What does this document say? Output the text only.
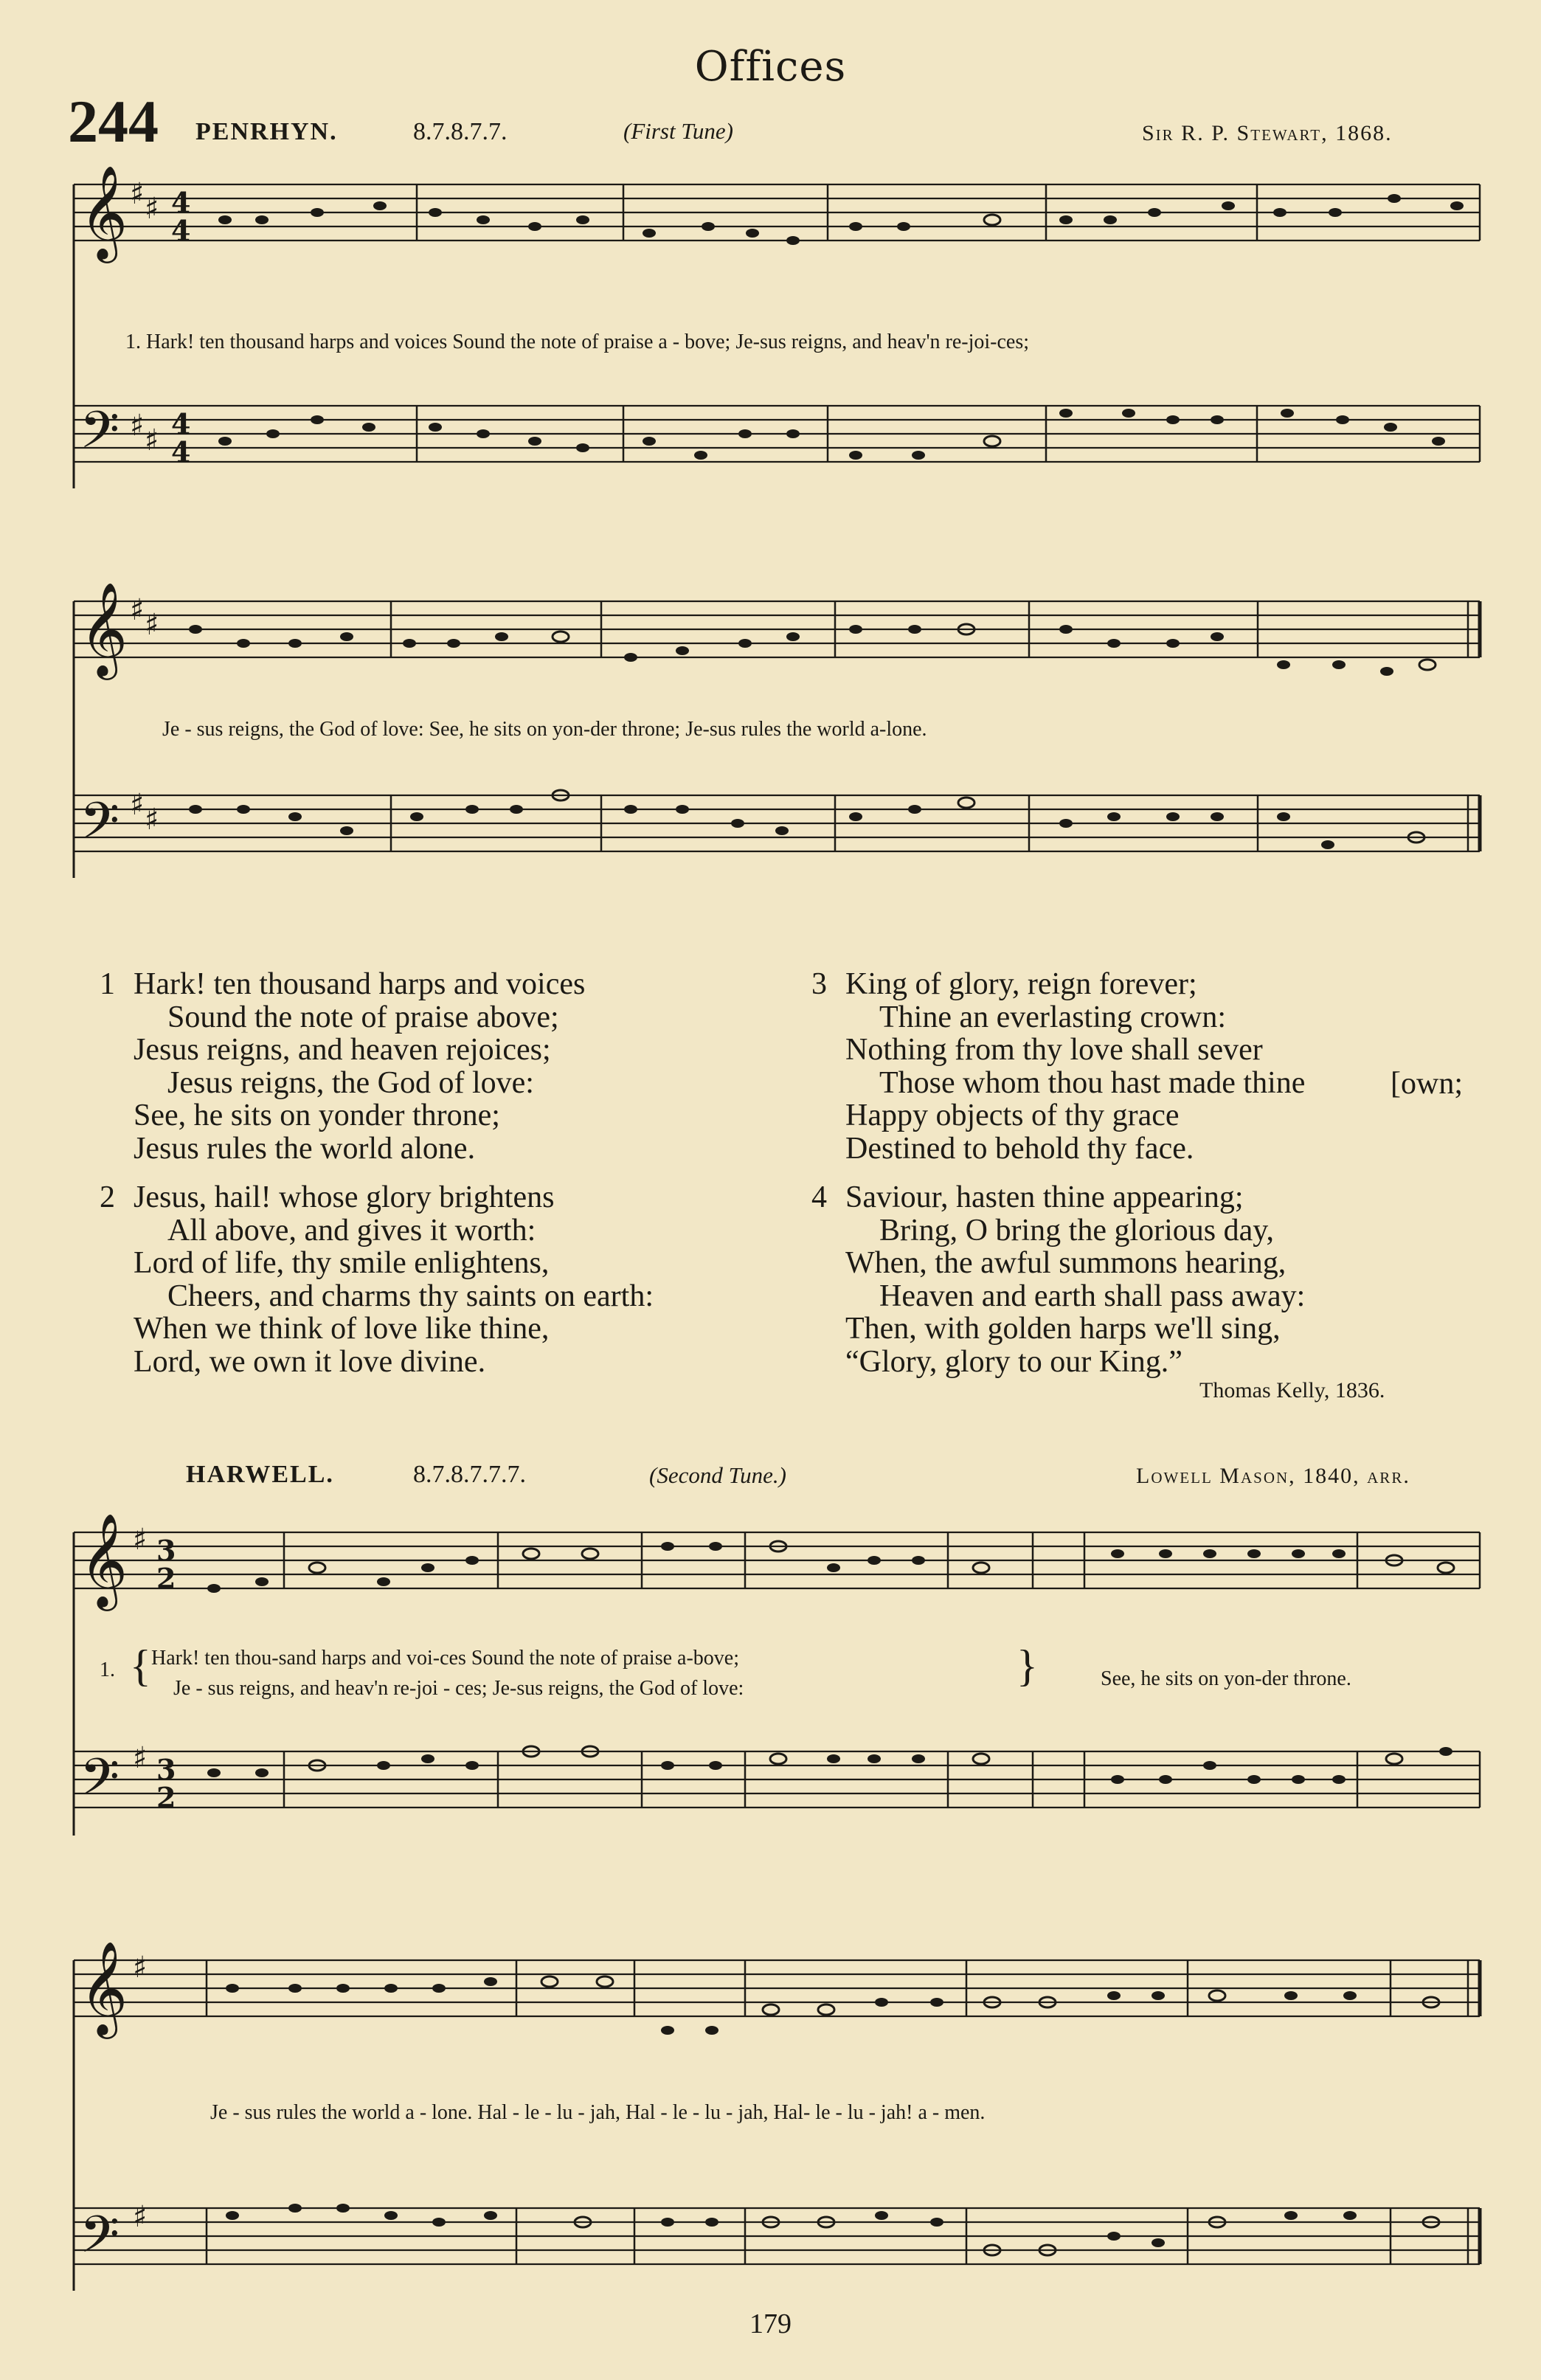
Offices
244 PENRHYN.	8.7.8.7.7.	(First Tune)	Sir R. P. Stewart, 1868.
𝄞
𝄢
𝄞
𝄢
𝄞
𝄢
𝄞
𝄢
♯ ♯
♯ ♯
♯ ♯
♯ ♯
♯
♯
♯
♯
4
4
4
4
3
2
3
2
1. Hark! ten thousand harps and voices Sound the note of praise a - bove; Je-sus reigns, and heav'n re-joi-ces;
Je - sus reigns, the God of love: See, he sits on yon-der throne; Je-sus rules the world a-lone.
1 Hark! ten thousand harps and voices
Sound the note of praise above;
Jesus reigns, and heaven rejoices;
Jesus reigns, the God of love:
See, he sits on yonder throne;
Jesus rules the world alone.
2 Jesus, hail! whose glory brightens
All above, and gives it worth:
Lord of life, thy smile enlightens,
Cheers, and charms thy saints on earth:
When we think of love like thine,
Lord, we own it love divine.
3 King of glory, reign forever;
Thine an everlasting crown:
Nothing from thy love shall sever
Those whom thou hast made thine
Happy objects of thy grace
Destined to behold thy face.
4 Saviour, hasten thine appearing;
Bring, O bring the glorious day,
When, the awful summons hearing,
Heaven and earth shall pass away:
Then, with golden harps we'll sing,
“Glory, glory to our King.”
[own;
Thomas Kelly, 1836.
HARWELL.	8.7.8.7.7.7.	(Second Tune.)	Lowell Mason, 1840, arr.
1. { Hark! ten thou-sand harps and voi-ces Sound the note of praise a-bove;
Je - sus reigns, and heav'n re-joi - ces; Je-sus reigns, the God of love:	}	See, he sits on yon-der throne.
Je - sus rules the world a - lone. Hal - le - lu - jah, Hal - le - lu - jah, Hal- le - lu - jah! a - men.
179
